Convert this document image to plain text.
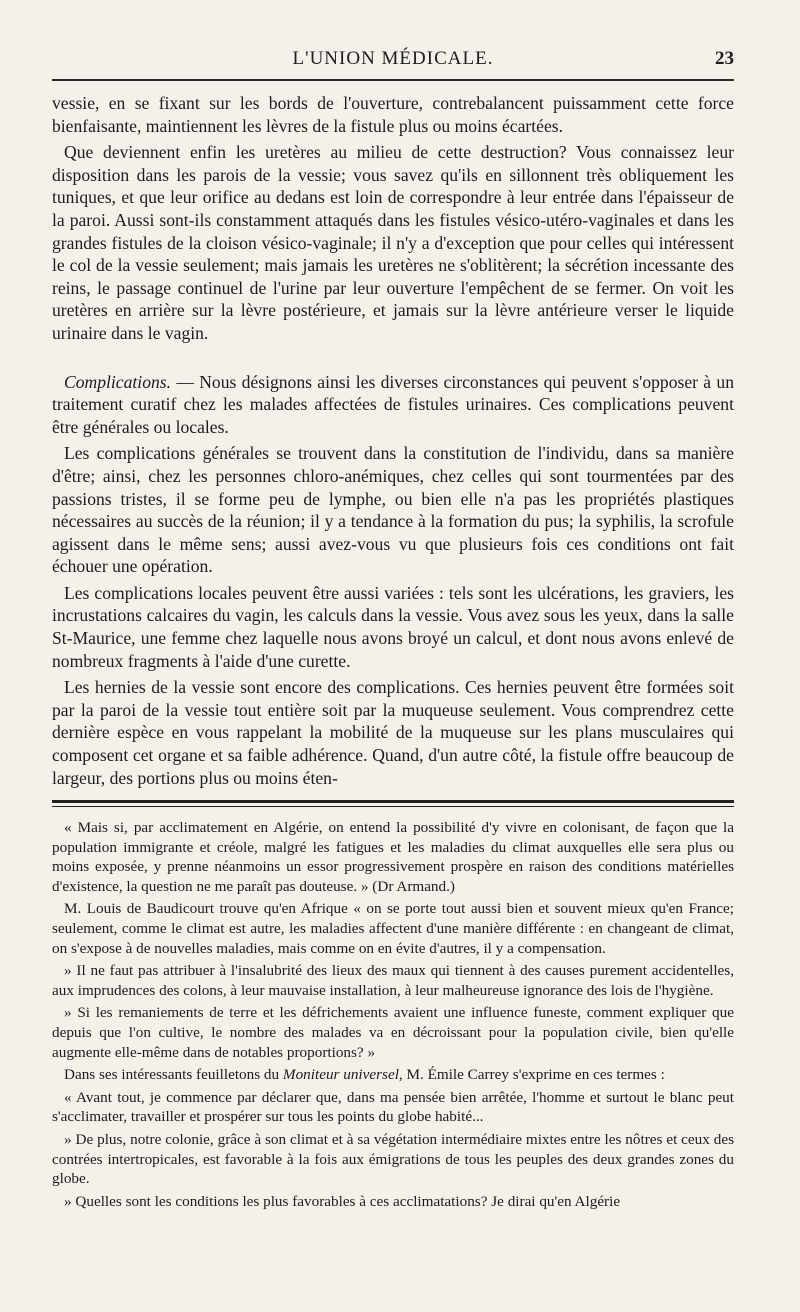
L'UNION MÉDICALE.	23

vessie, en se fixant sur les bords de l'ouverture, contrebalancent puissamment cette force bienfaisante, maintiennent les lèvres de la fistule plus ou moins écartées.

Que deviennent enfin les uretères au milieu de cette destruction? Vous connaissez leur disposition dans les parois de la vessie; vous savez qu'ils en sillonnent très obliquement les tuniques, et que leur orifice au dedans est loin de correspondre à leur entrée dans l'épaisseur de la paroi. Aussi sont-ils constamment attaqués dans les fistules vésico-utéro-vaginales et dans les grandes fistules de la cloison vésico-vaginale; il n'y a d'exception que pour celles qui intéressent le col de la vessie seulement; mais jamais les uretères ne s'oblitèrent; la sécrétion incessante des reins, le passage continuel de l'urine par leur ouverture l'empêchent de se fermer. On voit les uretères en arrière sur la lèvre postérieure, et jamais sur la lèvre antérieure verser le liquide urinaire dans le vagin.

Complications. — Nous désignons ainsi les diverses circonstances qui peuvent s'opposer à un traitement curatif chez les malades affectées de fistules urinaires. Ces complications peuvent être générales ou locales.

Les complications générales se trouvent dans la constitution de l'individu, dans sa manière d'être; ainsi, chez les personnes chloro-anémiques, chez celles qui sont tourmentées par des passions tristes, il se forme peu de lymphe, ou bien elle n'a pas les propriétés plastiques nécessaires au succès de la réunion; il y a tendance à la formation du pus; la syphilis, la scrofule agissent dans le même sens; aussi avez-vous vu que plusieurs fois ces conditions ont fait échouer une opération.

Les complications locales peuvent être aussi variées : tels sont les ulcérations, les graviers, les incrustations calcaires du vagin, les calculs dans la vessie. Vous avez sous les yeux, dans la salle St-Maurice, une femme chez laquelle nous avons broyé un calcul, et dont nous avons enlevé de nombreux fragments à l'aide d'une curette.

Les hernies de la vessie sont encore des complications. Ces hernies peuvent être formées soit par la paroi de la vessie tout entière soit par la muqueuse seulement. Vous comprendrez cette dernière espèce en vous rappelant la mobilité de la muqueuse sur les plans musculaires qui composent cet organe et sa faible adhérence. Quand, d'un autre côté, la fistule offre beaucoup de largeur, des portions plus ou moins éten-

« Mais si, par acclimatement en Algérie, on entend la possibilité d'y vivre en colonisant, de façon que la population immigrante et créole, malgré les fatigues et les maladies du climat auxquelles elle sera plus ou moins exposée, y prenne néanmoins un essor progressivement prospère en raison des conditions matérielles d'existence, la question ne me paraît pas douteuse. » (Dr Armand.)

M. Louis de Baudicourt trouve qu'en Afrique « on se porte tout aussi bien et souvent mieux qu'en France; seulement, comme le climat est autre, les maladies affectent d'une manière différente : en changeant de climat, on s'expose à de nouvelles maladies, mais comme on en évite d'autres, il y a compensation.

» Il ne faut pas attribuer à l'insalubrité des lieux des maux qui tiennent à des causes purement accidentelles, aux imprudences des colons, à leur mauvaise installation, à leur malheureuse ignorance des lois de l'hygiène.

» Si les remaniements de terre et les défrichements avaient une influence funeste, comment expliquer que depuis que l'on cultive, le nombre des malades va en décroissant pour la population civile, bien qu'elle augmente elle-même dans de notables proportions? »

Dans ses intéressants feuilletons du Moniteur universel, M. Émile Carrey s'exprime en ces termes :

« Avant tout, je commence par déclarer que, dans ma pensée bien arrêtée, l'homme et surtout le blanc peut s'acclimater, travailler et prospérer sur tous les points du globe habité...

» De plus, notre colonie, grâce à son climat et à sa végétation intermédiaire mixtes entre les nôtres et ceux des contrées intertropicales, est favorable à la fois aux émigrations de tous les peuples des deux grandes zones du globe.

» Quelles sont les conditions les plus favorables à ces acclimatations? Je dirai qu'en Algérie
